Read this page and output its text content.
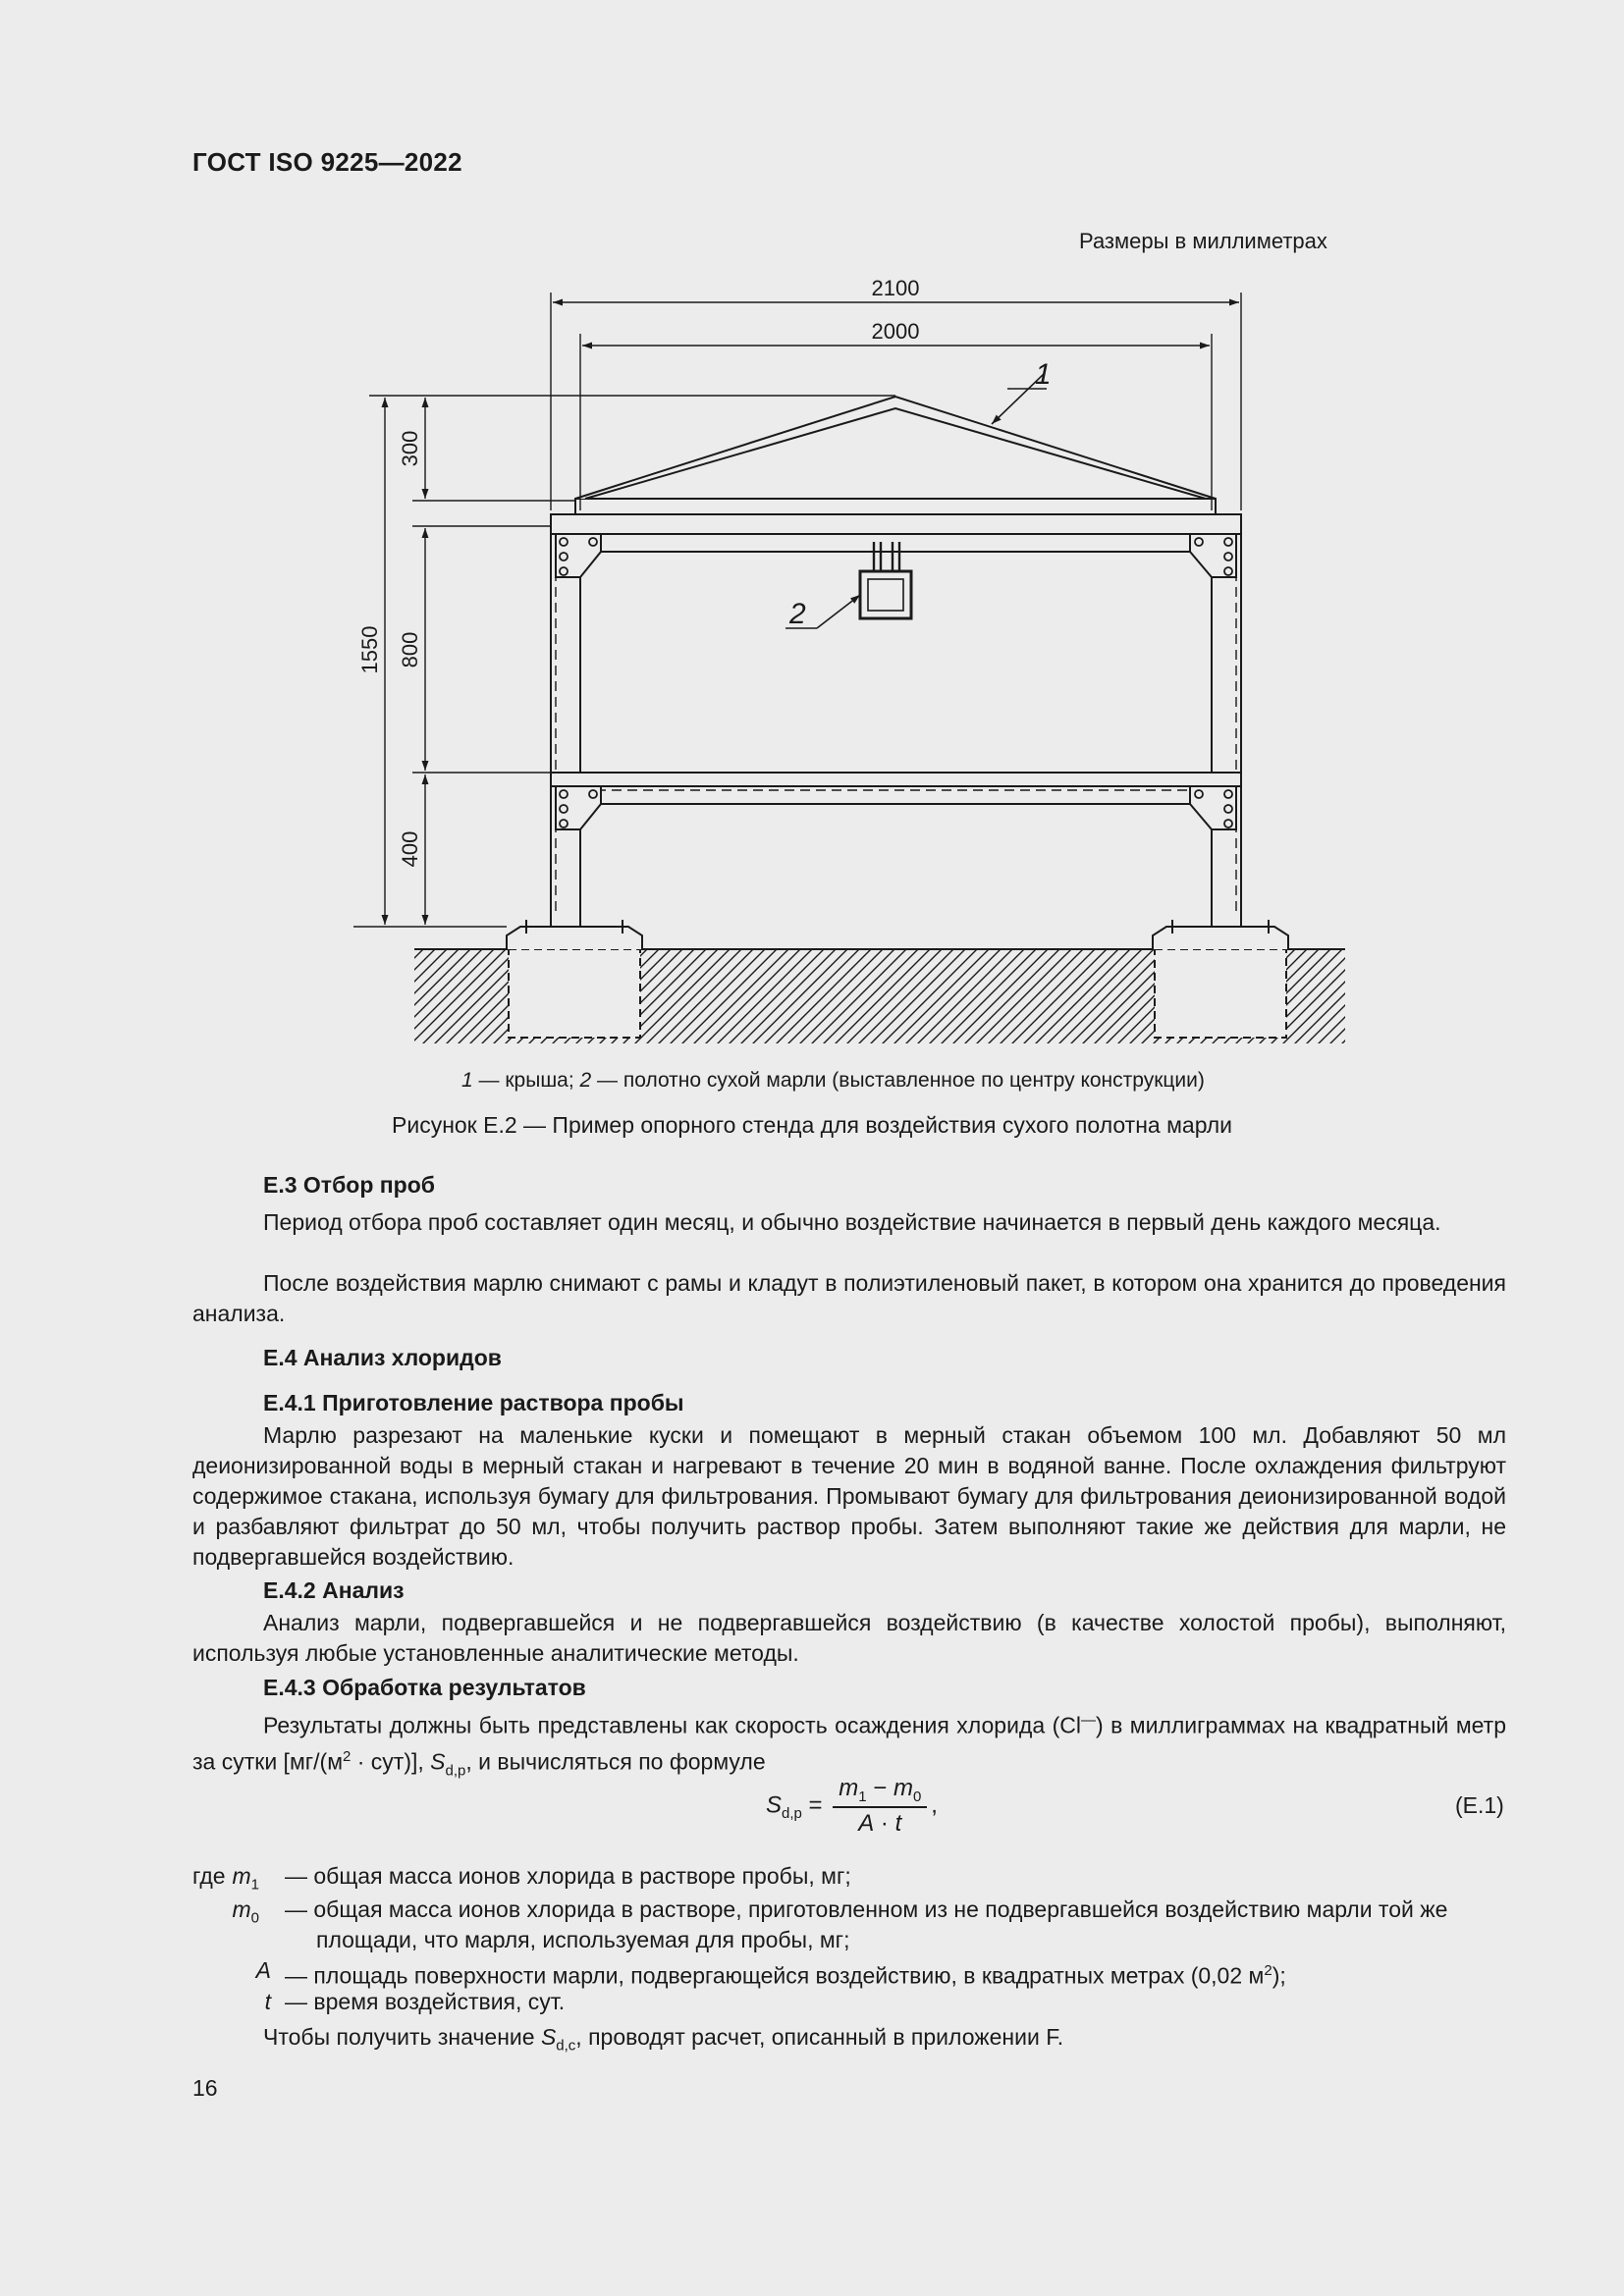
ГОСТ ISO 9225—2022
Размеры в миллиметрах
2100
2000
1550
300
800
400
1
2
1 — крыша; 2 — полотно сухой марли (выставленное по центру конструкции)
Рисунок E.2 — Пример опорного стенда для воздействия сухого полотна марли
E.3 Отбор проб
Период отбора проб составляет один месяц, и обычно воздействие начинается в первый день каждого месяца.
После воздействия марлю снимают с рамы и кладут в полиэтиленовый пакет, в котором она хранится до проведения анализа.
E.4 Анализ хлоридов
E.4.1 Приготовление раствора пробы
Марлю разрезают на маленькие куски и помещают в мерный стакан объемом 100 мл. Добавляют 50 мл деионизированной воды в мерный стакан и нагревают в течение 20 мин в водяной ванне. После охлаждения фильтруют содержимое стакана, используя бумагу для фильтрования. Промывают бумагу для фильтрования деионизированной водой и разбавляют фильтрат до 50 мл, чтобы получить раствор пробы. Затем выполняют такие же действия для марли, не подвергавшейся воздействию.
E.4.2 Анализ
Анализ марли, подвергавшейся и не подвергавшейся воздействию (в качестве холостой пробы), выполняют, используя любые установленные аналитические методы.
E.4.3 Обработка результатов
Результаты должны быть представлены как скорость осаждения хлорида (Cl—) в миллиграммах на квадратный метр за сутки $[мг/(м^2 \cdot сут)]$, $S_{d,p}$, и вычисляться по формуле
$S_{d,p} = \frac{m_1 - m_0}{A \cdot t}$ ,	(E.1)
где $m_1$ — общая масса ионов хлорида в растворе пробы, мг;
$m_0$ — общая масса ионов хлорида в растворе, приготовленном из не подвергавшейся воздействию марли той же площади, что марля, используемая для пробы, мг;
A — площадь поверхности марли, подвергающейся воздействию, в квадратных метрах (0,02 $м^2$);
t — время воздействия, сут.
Чтобы получить значение $S_{d,c}$, проводят расчет, описанный в приложении F.
16
